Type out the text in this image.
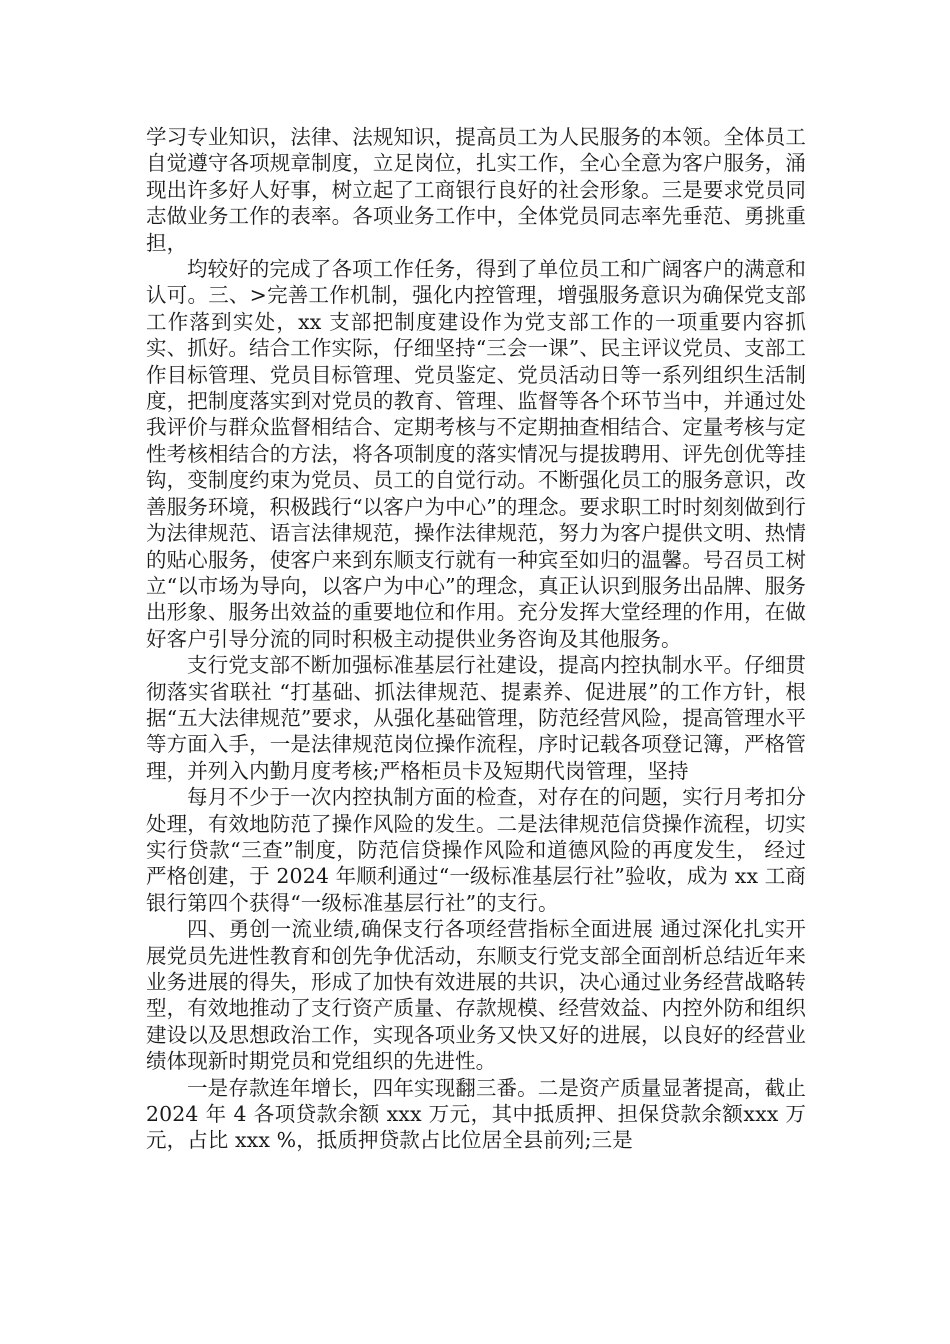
学习专业知识，法律、法规知识，提高员工为人民服务的本领。全体员工自觉遵守各项规章制度，立足岗位，扎实工作，全心全意为客户服务，涌现出许多好人好事，树立起了工商银行良好的社会形象。三是要求党员同志做业务工作的表率。各项业务工作中，全体党员同志率先垂范、勇挑重担，

均较好的完成了各项工作任务，得到了单位员工和广阔客户的满意和认可。三、>完善工作机制，强化内控管理，增强服务意识为确保党支部工作落到实处，xx 支部把制度建设作为党支部工作的一项重要内容抓实、抓好。结合工作实际，仔细坚持“三会一课”、民主评议党员、支部工作目标管理、党员目标管理、党员鉴定、党员活动日等一系列组织生活制度，把制度落实到对党员的教育、管理、监督等各个环节当中，并通过处我评价与群众监督相结合、定期考核与不定期抽查相结合、定量考核与定性考核相结合的方法，将各项制度的落实情况与提拔聘用、评先创优等挂钩，变制度约束为党员、员工的自觉行动。不断强化员工的服务意识，改善服务环境，积极践行“以客户为中心”的理念。要求职工时时刻刻做到行为法律规范、语言法律规范，操作法律规范，努力为客户提供文明、热情的贴心服务，使客户来到东顺支行就有一种宾至如归的温馨。号召员工树立“以市场为导向，以客户为中心”的理念，真正认识到服务出品牌、服务出形象、服务出效益的重要地位和作用。充分发挥大堂经理的作用，在做好客户引导分流的同时积极主动提供业务咨询及其他服务。

支行党支部不断加强标准基层行社建设，提高内控执制水平。仔细贯彻落实省联社 “打基础、抓法律规范、提素养、促进展”的工作方针，根据“五大法律规范”要求，从强化基础管理，防范经营风险，提高管理水平等方面入手，一是法律规范岗位操作流程，序时记载各项登记簿，严格管理，并列入内勤月度考核;严格柜员卡及短期代岗管理，坚持

每月不少于一次内控执制方面的检查，对存在的问题，实行月考扣分处理，有效地防范了操作风险的发生。二是法律规范信贷操作流程，切实实行贷款“三查”制度，防范信贷操作风险和道德风险的再度发生， 经过严格创建，于 2024 年顺利通过“一级标准基层行社”验收，成为 xx 工商银行第四个获得“一级标准基层行社”的支行。

四、勇创一流业绩,确保支行各项经营指标全面进展 通过深化扎实开展党员先进性教育和创先争优活动，东顺支行党支部全面剖析总结近年来业务进展的得失，形成了加快有效进展的共识，决心通过业务经营战略转型，有效地推动了支行资产质量、存款规模、经营效益、内控外防和组织建设以及思想政治工作，实现各项业务又快又好的进展，以良好的经营业绩体现新时期党员和党组织的先进性。

一是存款连年增长，四年实现翻三番。二是资产质量显著提高，截止 2024 年 4 各项贷款余额 xxx 万元，其中抵质押、担保贷款余额xxx 万元，占比 xxx %，抵质押贷款占比位居全县前列;三是
